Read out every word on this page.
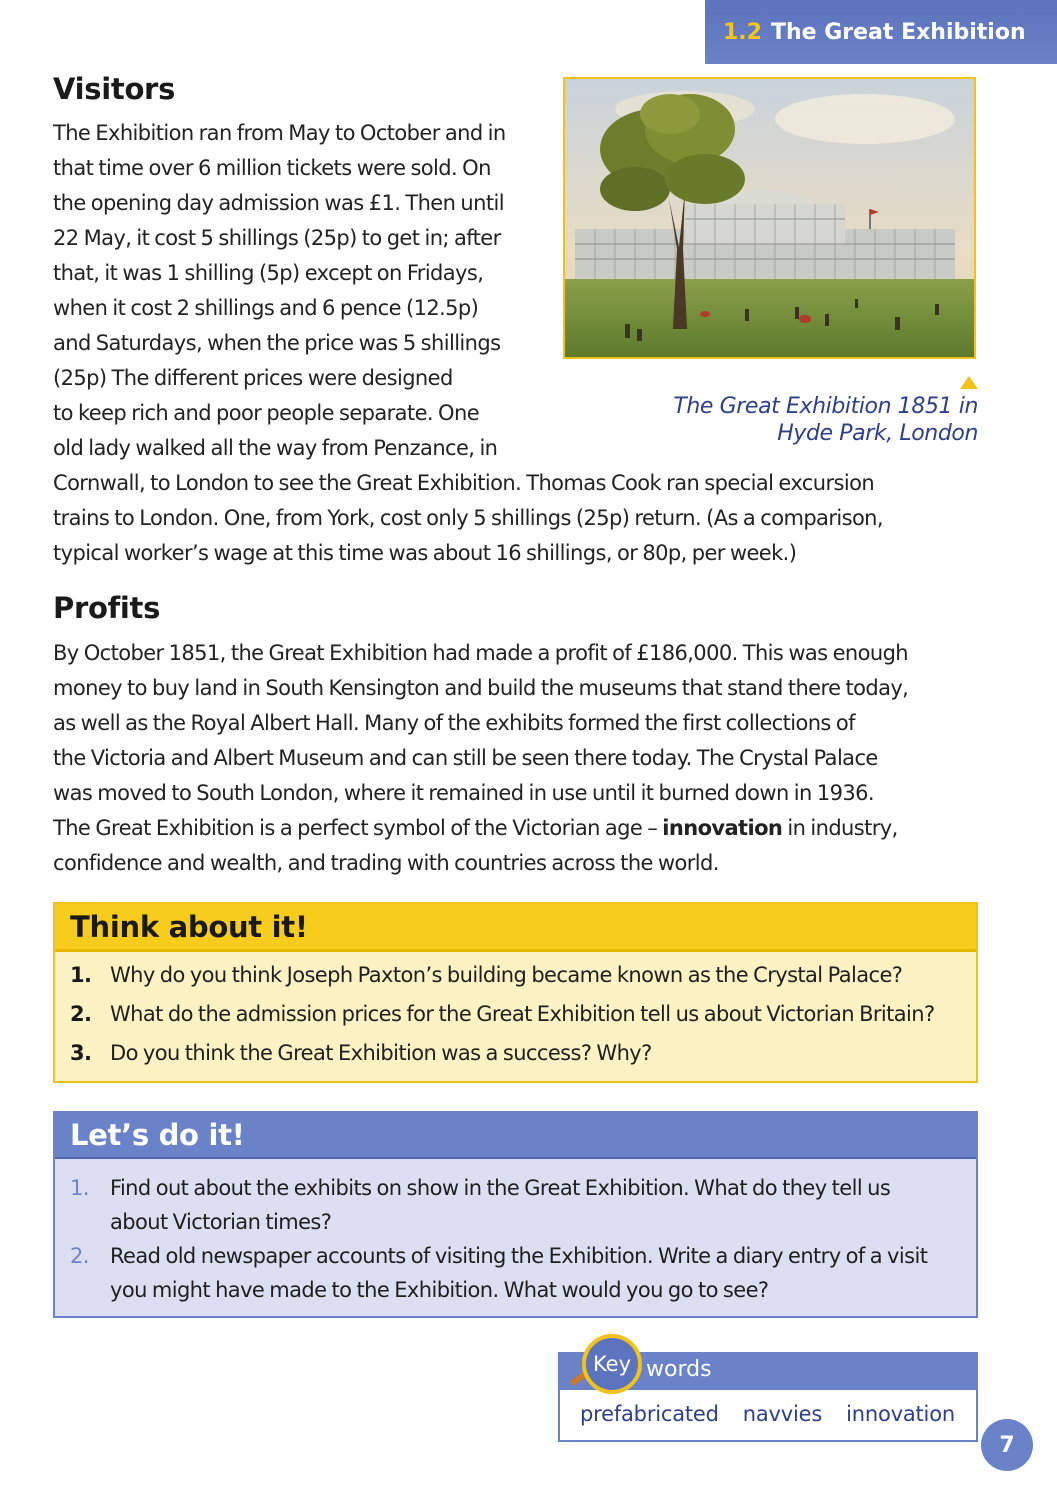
1.2 The Great Exhibition
Visitors
The Exhibition ran from May to October and in
that time over 6 million tickets were sold. On
the opening day admission was £1. Then until
22 May, it cost 5 shillings (25p) to get in; after
that, it was 1 shilling (5p) except on Fridays,
when it cost 2 shillings and 6 pence (12.5p)
and Saturdays, when the price was 5 shillings
(25p) The different prices were designed
to keep rich and poor people separate. One
old lady walked all the way from Penzance, in
Cornwall, to London to see the Great Exhibition. Thomas Cook ran special excursion
trains to London. One, from York, cost only 5 shillings (25p) return. (As a comparison,
typical worker’s wage at this time was about 16 shillings, or 80p, per week.)
The Great Exhibition 1851 in
Hyde Park, London
Profits
By October 1851, the Great Exhibition had made a profit of £186,000. This was enough
money to buy land in South Kensington and build the museums that stand there today,
as well as the Royal Albert Hall. Many of the exhibits formed the first collections of
the Victoria and Albert Museum and can still be seen there today. The Crystal Palace
was moved to South London, where it remained in use until it burned down in 1936.
The Great Exhibition is a perfect symbol of the Victorian age – innovation in industry,
confidence and wealth, and trading with countries across the world.
Think about it!
1. Why do you think Joseph Paxton’s building became known as the Crystal Palace?
2. What do the admission prices for the Great Exhibition tell us about Victorian Britain?
3. Do you think the Great Exhibition was a success? Why?
Let’s do it!
1. Find out about the exhibits on show in the Great Exhibition. What do they tell us
about Victorian times?
2. Read old newspaper accounts of visiting the Exhibition. Write a diary entry of a visit
you might have made to the Exhibition. What would you go to see?
Key words
prefabricated navvies innovation
7
